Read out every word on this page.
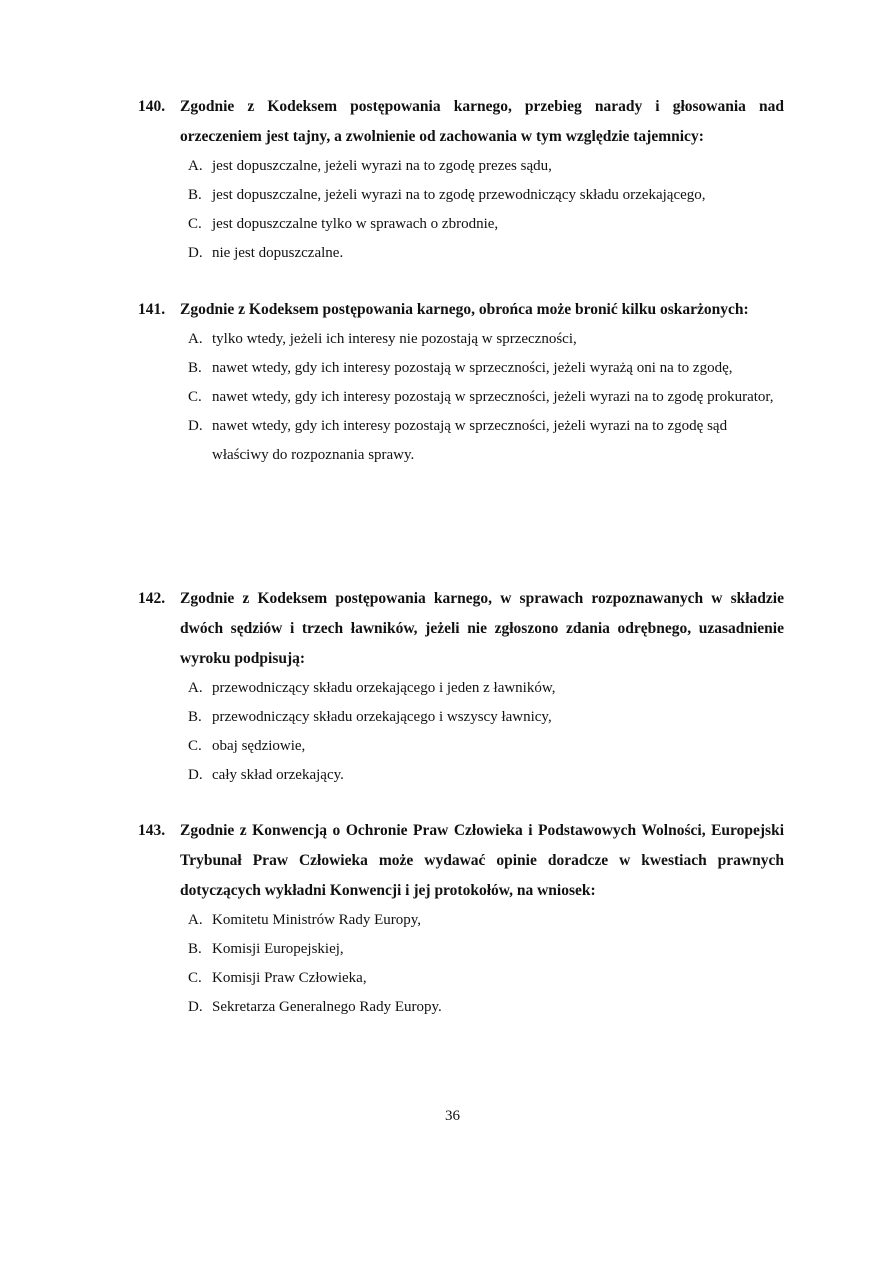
140. Zgodnie z Kodeksem postępowania karnego, przebieg narady i głosowania nad orzeczeniem jest tajny, a zwolnienie od zachowania w tym względzie tajemnicy:
A. jest dopuszczalne, jeżeli wyrazi na to zgodę prezes sądu,
B. jest dopuszczalne, jeżeli wyrazi na to zgodę przewodniczący składu orzekającego,
C. jest dopuszczalne tylko w sprawach o zbrodnie,
D. nie jest dopuszczalne.
141. Zgodnie z Kodeksem postępowania karnego, obrońca może bronić kilku oskarżonych:
A. tylko wtedy, jeżeli ich interesy nie pozostają w sprzeczności,
B. nawet wtedy, gdy ich interesy pozostają w sprzeczności, jeżeli wyrażą oni na to zgodę,
C. nawet wtedy, gdy ich interesy pozostają w sprzeczności, jeżeli wyrazi na to zgodę prokurator,
D. nawet wtedy, gdy ich interesy pozostają w sprzeczności, jeżeli wyrazi na to zgodę sąd właściwy do rozpoznania sprawy.
142. Zgodnie z Kodeksem postępowania karnego, w sprawach rozpoznawanych w składzie dwóch sędziów i trzech ławników, jeżeli nie zgłoszono zdania odrębnego, uzasadnienie wyroku podpisują:
A. przewodniczący składu orzekającego i jeden z ławników,
B. przewodniczący składu orzekającego i wszyscy ławnicy,
C. obaj sędziowie,
D. cały skład orzekający.
143. Zgodnie z Konwencją o Ochronie Praw Człowieka i Podstawowych Wolności, Europejski Trybunał Praw Człowieka może wydawać opinie doradcze w kwestiach prawnych dotyczących wykładni Konwencji i jej protokołów, na wniosek:
A. Komitetu Ministrów Rady Europy,
B. Komisji Europejskiej,
C. Komisji Praw Człowieka,
D. Sekretarza Generalnego Rady Europy.
36
